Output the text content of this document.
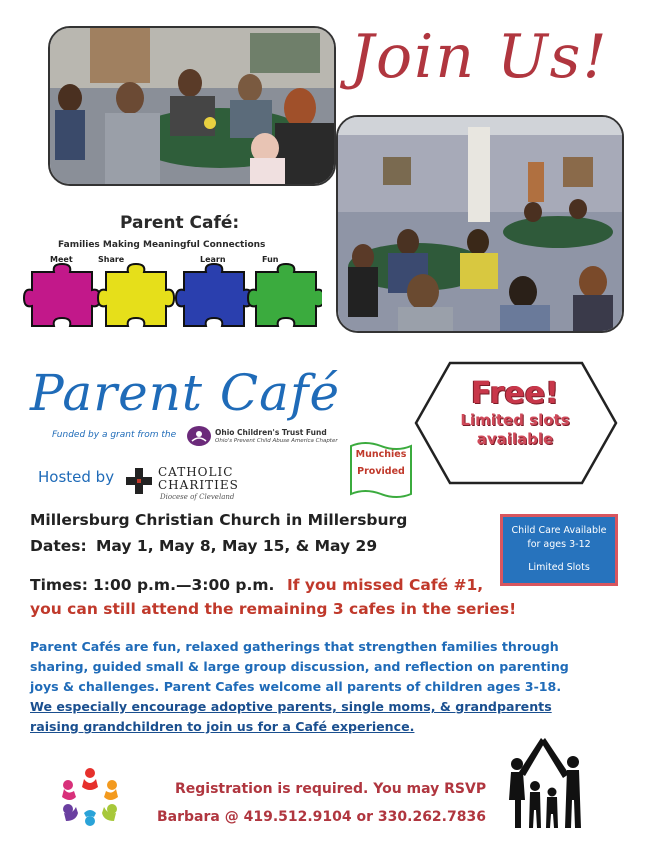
Join Us!
Parent Café:
Families Making Meaningful Connections
Meet	Share	Learn	Fun
Parent Café
Funded by a grant from the	Ohio Children's Trust Fund
Ohio's Prevent Child Abuse America Chapter
Hosted by	CATHOLIC
CHARITIES
Diocese of Cleveland
Munchies
Provided
Free!
Limited slots
available
Millersburg Christian Church in Millersburg
Dates: May 1, May 8, May 15, & May 29
Child Care Available
for ages 3-12
Limited Slots
Times: 1:00 p.m.—3:00 p.m. If you missed Café #1,
you can still attend the remaining 3 cafes in the series!
Parent Cafés are fun, relaxed gatherings that strengthen families through
sharing, guided small & large group discussion, and reflection on parenting
joys & challenges. Parent Cafes welcome all parents of children ages 3-18.
We especially encourage adoptive parents, single moms, & grandparents
raising grandchildren to join us for a Café experience.
Registration is required. You may RSVP
Barbara @ 419.512.9104 or 330.262.7836
